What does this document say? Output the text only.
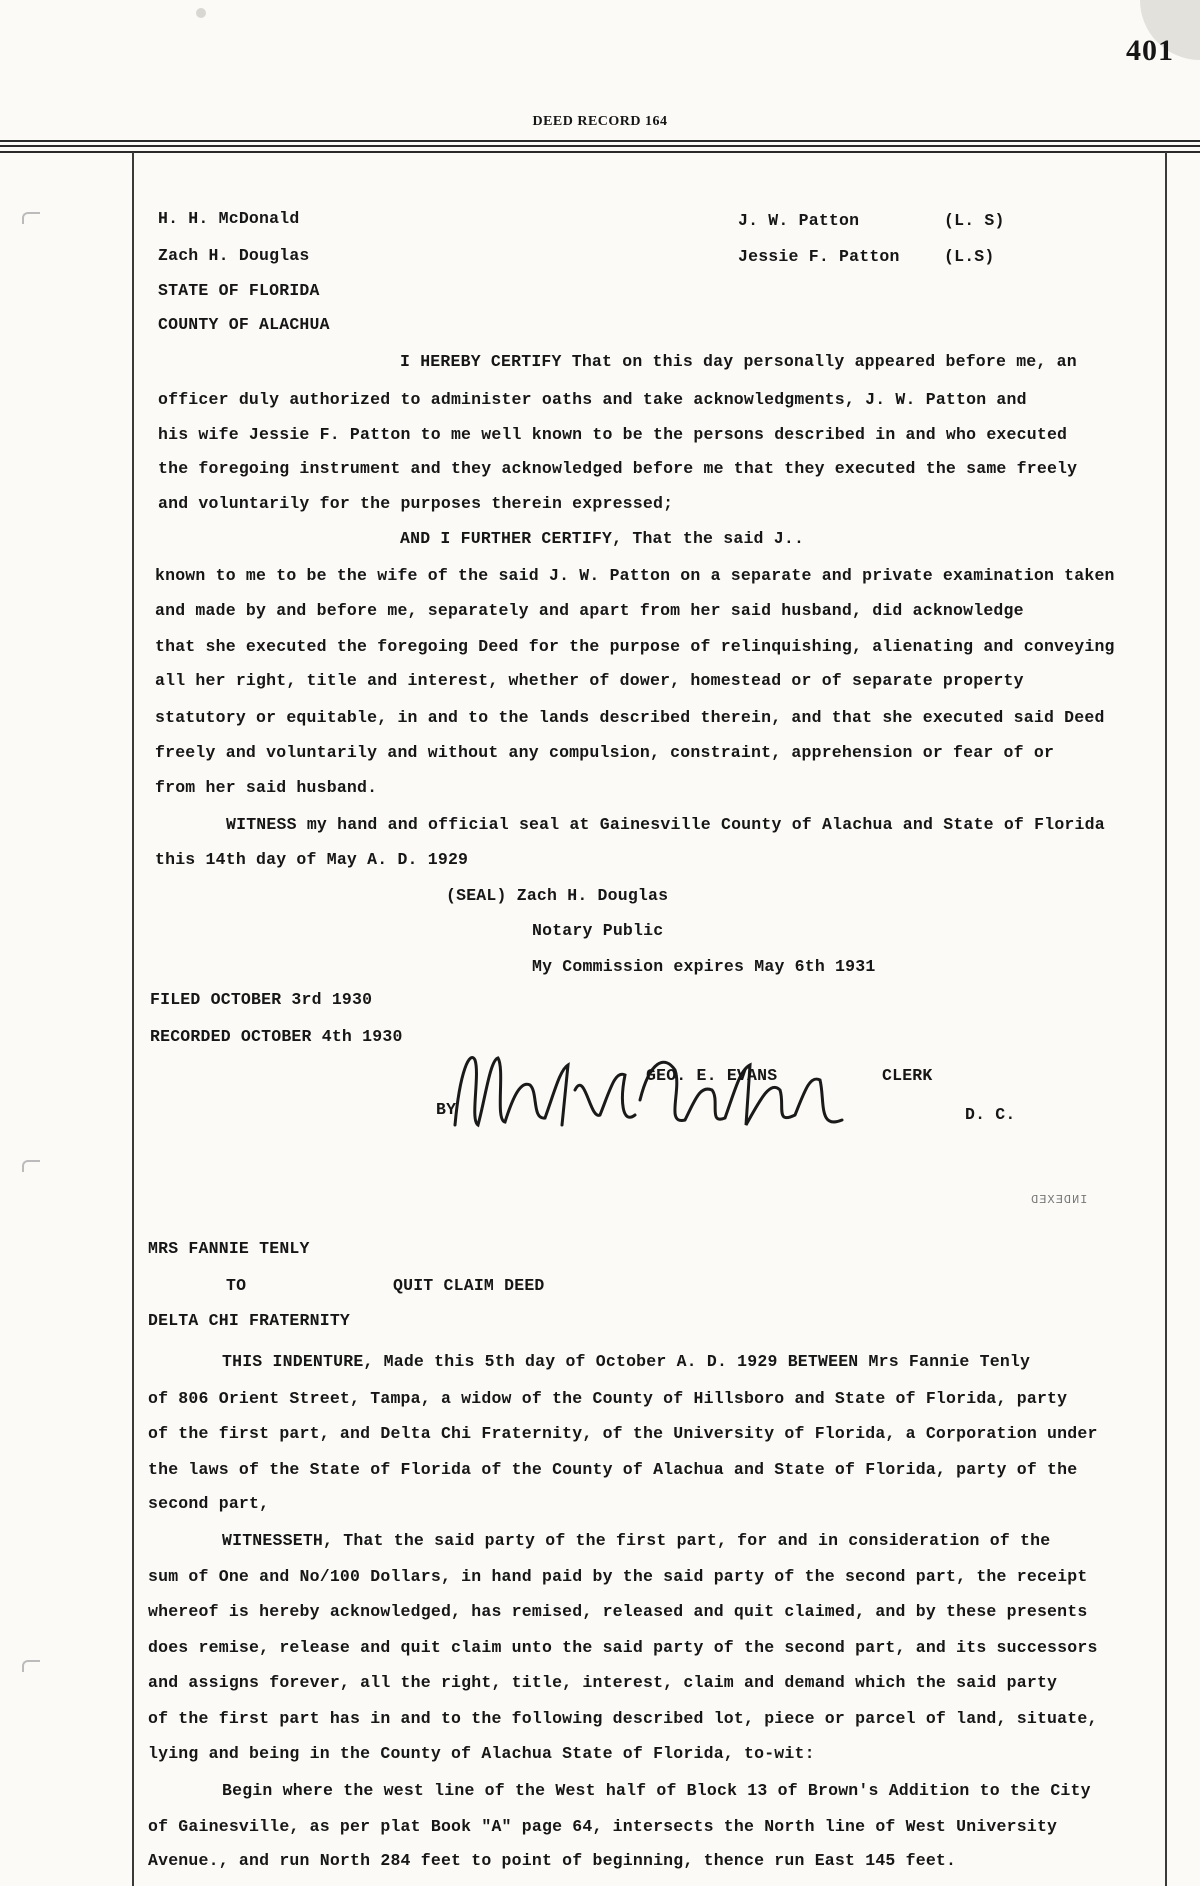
401
DEED RECORD 164
H. H. McDonald	J. W. Patton	(L. S)
Zach H. Douglas	Jessie F. Patton	(L.S)
STATE OF FLORIDA
COUNTY OF ALACHUA
I HEREBY CERTIFY That on this day personally appeared before me, an
officer duly authorized to administer oaths and take acknowledgments, J. W. Patton and
his wife Jessie F. Patton to me well known to be the persons described in and who executed
the foregoing instrument and they acknowledged before me that they executed the same freely
and voluntarily for the purposes therein expressed;
AND I FURTHER CERTIFY, That the said J..
known to me to be the wife of the said J. W. Patton on a separate and private examination taken
and made by and before me, separately and apart from her said husband, did acknowledge
that she executed the foregoing Deed for the purpose of relinquishing, alienating and conveying
all her right, title and interest, whether of dower, homestead or of separate property
statutory or equitable, in and to the lands described therein, and that she executed said Deed
freely and voluntarily and without any compulsion, constraint, apprehension or fear of or
from her said husband.
WITNESS my hand and official seal at Gainesville County of Alachua and State of Florida
this 14th day of May A. D. 1929
(SEAL) Zach H. Douglas
Notary Public
My Commission expires May 6th 1931
FILED OCTOBER 3rd 1930
RECORDED OCTOBER 4th 1930
GEO. E. EVANS	CLERK
BY	D. C.
INDEXED
MRS FANNIE TENLY
TO	QUIT CLAIM DEED
DELTA CHI FRATERNITY
THIS INDENTURE, Made this 5th day of October A. D. 1929 BETWEEN Mrs Fannie Tenly
of 806 Orient Street, Tampa, a widow of the County of Hillsboro and State of Florida, party
of the first part, and Delta Chi Fraternity, of the University of Florida, a Corporation under
the laws of the State of Florida of the County of Alachua and State of Florida, party of the
second part,
WITNESSETH, That the said party of the first part, for and in consideration of the
sum of One and No/100 Dollars, in hand paid by the said party of the second part, the receipt
whereof is hereby acknowledged, has remised, released and quit claimed, and by these presents
does remise, release and quit claim unto the said party of the second part, and its successors
and assigns forever, all the right, title, interest, claim and demand which the said party
of the first part has in and to the following described lot, piece or parcel of land, situate,
lying and being in the County of Alachua State of Florida, to-wit:
Begin where the west line of the West half of Block 13 of Brown's Addition to the City
of Gainesville, as per plat Book "A" page 64, intersects the North line of West University
Avenue., and run North 284 feet to point of beginning, thence run East 145 feet.
